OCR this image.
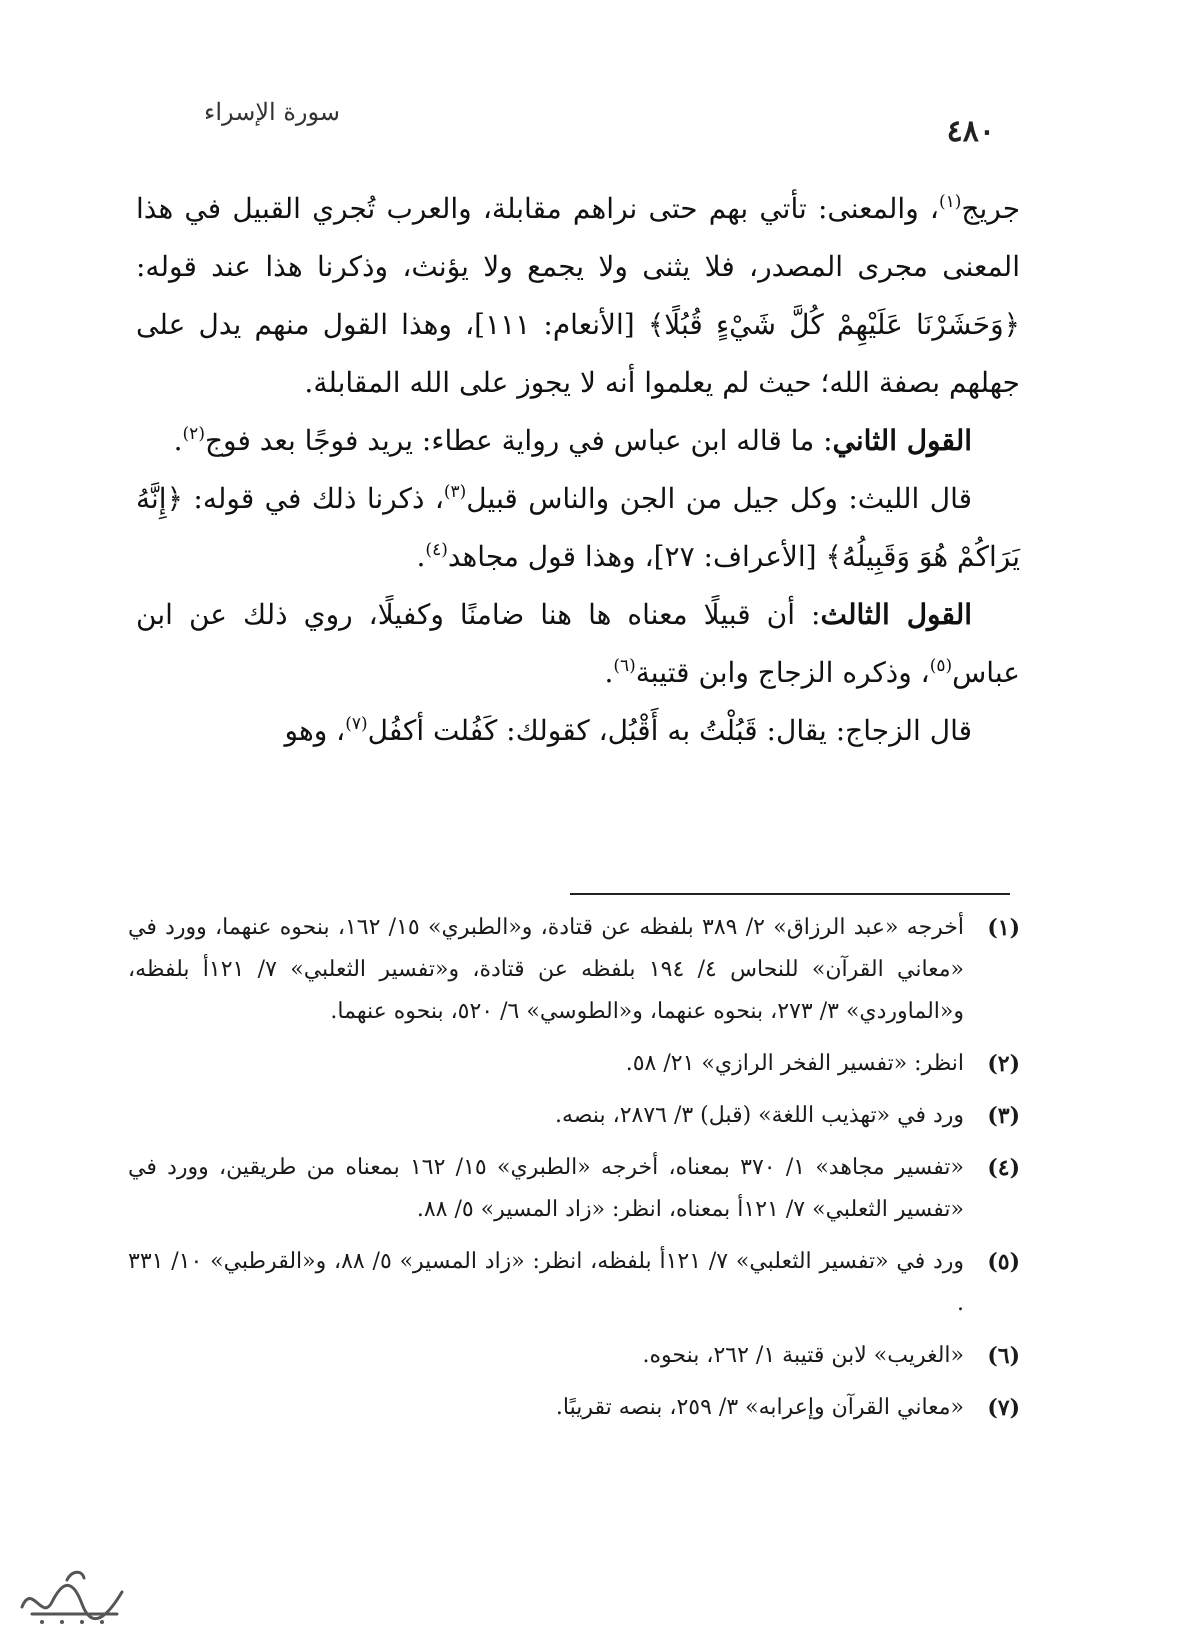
سورة الإسراء
٤٨٠

جريج$^{(١)}$، والمعنى: تأتي بهم حتى نراهم مقابلة، والعرب تُجري القبيل في هذا المعنى مجرى المصدر، فلا يثنى ولا يجمع ولا يؤنث، وذكرنا هذا عند قوله: ﴿وَحَشَرْنَا عَلَيْهِمْ كُلَّ شَيْءٍ قُبُلًا﴾ [الأنعام: ١١١]، وهذا القول منهم يدل على جهلهم بصفة الله؛ حيث لم يعلموا أنه لا يجوز على الله المقابلة.

القول الثاني: ما قاله ابن عباس في رواية عطاء: يريد فوجًا بعد فوج$^{(٢)}$.

قال الليث: وكل جيل من الجن والناس قبيل$^{(٣)}$، ذكرنا ذلك في قوله: ﴿إِنَّهُ يَرَاكُمْ هُوَ وَقَبِيلُهُ﴾ [الأعراف: ٢٧]، وهذا قول مجاهد$^{(٤)}$.

القول الثالث: أن قبيلًا معناه ها هنا ضامنًا وكفيلًا، روي ذلك عن ابن عباس$^{(٥)}$، وذكره الزجاج وابن قتيبة$^{(٦)}$.

قال الزجاج: يقال: قَبُلْتُ به أَقْبُل، كقولك: كَفُلت أكفُل$^{(٧)}$، وهو

(١)
أخرجه «عبد الرزاق» ٢/ ٣٨٩ بلفظه عن قتادة، و«الطبري» ١٥/ ١٦٢، بنحوه عنهما، وورد في «معاني القرآن» للنحاس ٤/ ١٩٤ بلفظه عن قتادة، و«تفسير الثعلبي» ٧/ ١٢١أ بلفظه، و«الماوردي» ٣/ ٢٧٣، بنحوه عنهما، و«الطوسي» ٦/ ٥٢٠، بنحوه عنهما.
(٢)
انظر: «تفسير الفخر الرازي» ٢١/ ٥٨.
(٣)
ورد في «تهذيب اللغة» (قبل) ٣/ ٢٨٧٦، بنصه.
(٤)
«تفسير مجاهد» ١/ ٣٧٠ بمعناه، أخرجه «الطبري» ١٥/ ١٦٢ بمعناه من طريقين، وورد في «تفسير الثعلبي» ٧/ ١٢١أ بمعناه، انظر: «زاد المسير» ٥/ ٨٨.
(٥)
ورد في «تفسير الثعلبي» ٧/ ١٢١أ بلفظه، انظر: «زاد المسير» ٥/ ٨٨، و«القرطبي» ١٠/ ٣٣١ .
(٦)
«الغريب» لابن قتيبة ١/ ٢٦٢، بنحوه.
(٧)
«معاني القرآن وإعرابه» ٣/ ٢٥٩، بنصه تقريبًا.
